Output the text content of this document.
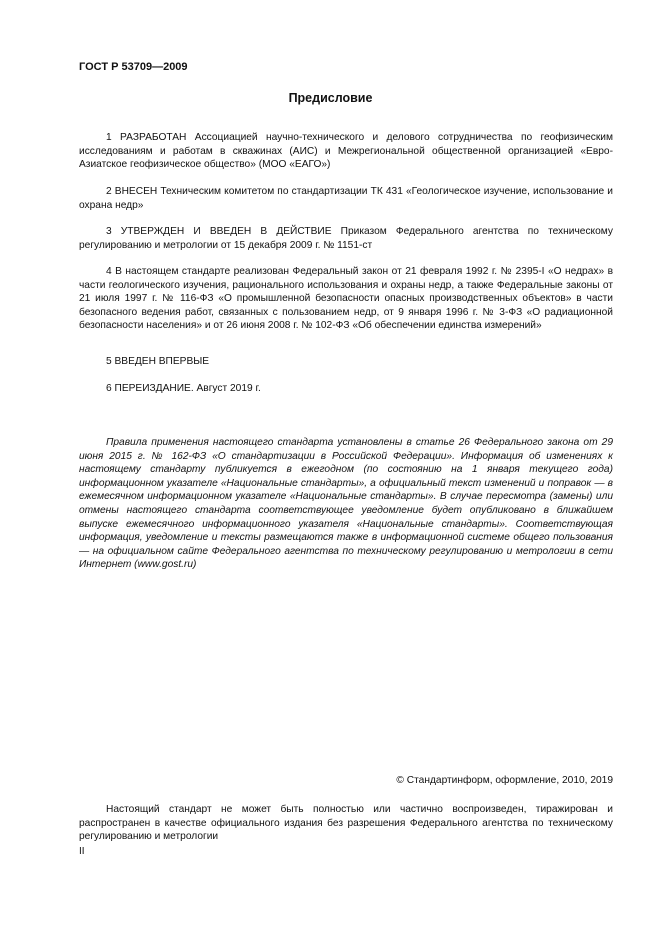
ГОСТ Р 53709—2009
Предисловие
1 РАЗРАБОТАН Ассоциацией научно-технического и делового сотрудничества по геофизическим исследованиям и работам в скважинах (АИС) и Межрегиональной общественной организацией «Евро-Азиатское геофизическое общество» (МОО «ЕАГО»)
2 ВНЕСЕН Техническим комитетом по стандартизации ТК 431 «Геологическое изучение, использование и охрана недр»
3 УТВЕРЖДЕН И ВВЕДЕН В ДЕЙСТВИЕ Приказом Федерального агентства по техническому регулированию и метрологии от 15 декабря 2009 г. № 1151-ст
4 В настоящем стандарте реализован Федеральный закон от 21 февраля 1992 г. № 2395-I «О недрах» в части геологического изучения, рационального использования и охраны недр, а также Федеральные законы от 21 июля 1997 г. № 116-ФЗ «О промышленной безопасности опасных производственных объектов» в части безопасного ведения работ, связанных с пользованием недр, от 9 января 1996 г. № 3-ФЗ «О радиационной безопасности населения» и от 26 июня 2008 г. № 102-ФЗ «Об обеспечении единства измерений»
5 ВВЕДЕН ВПЕРВЫЕ
6 ПЕРЕИЗДАНИЕ. Август 2019 г.
Правила применения настоящего стандарта установлены в статье 26 Федерального закона от 29 июня 2015 г. № 162-ФЗ «О стандартизации в Российской Федерации». Информация об изменениях к настоящему стандарту публикуется в ежегодном (по состоянию на 1 января текущего года) информационном указателе «Национальные стандарты», а официальный текст изменений и поправок — в ежемесячном информационном указателе «Национальные стандарты». В случае пересмотра (замены) или отмены настоящего стандарта соответствующее уведомление будет опубликовано в ближайшем выпуске ежемесячного информационного указателя «Национальные стандарты». Соответствующая информация, уведомление и тексты размещаются также в информационной системе общего пользования — на официальном сайте Федерального агентства по техническому регулированию и метрологии в сети Интернет (www.gost.ru)
© Стандартинформ, оформление, 2010, 2019
Настоящий стандарт не может быть полностью или частично воспроизведен, тиражирован и распространен в качестве официального издания без разрешения Федерального агентства по техническому регулированию и метрологии
II
